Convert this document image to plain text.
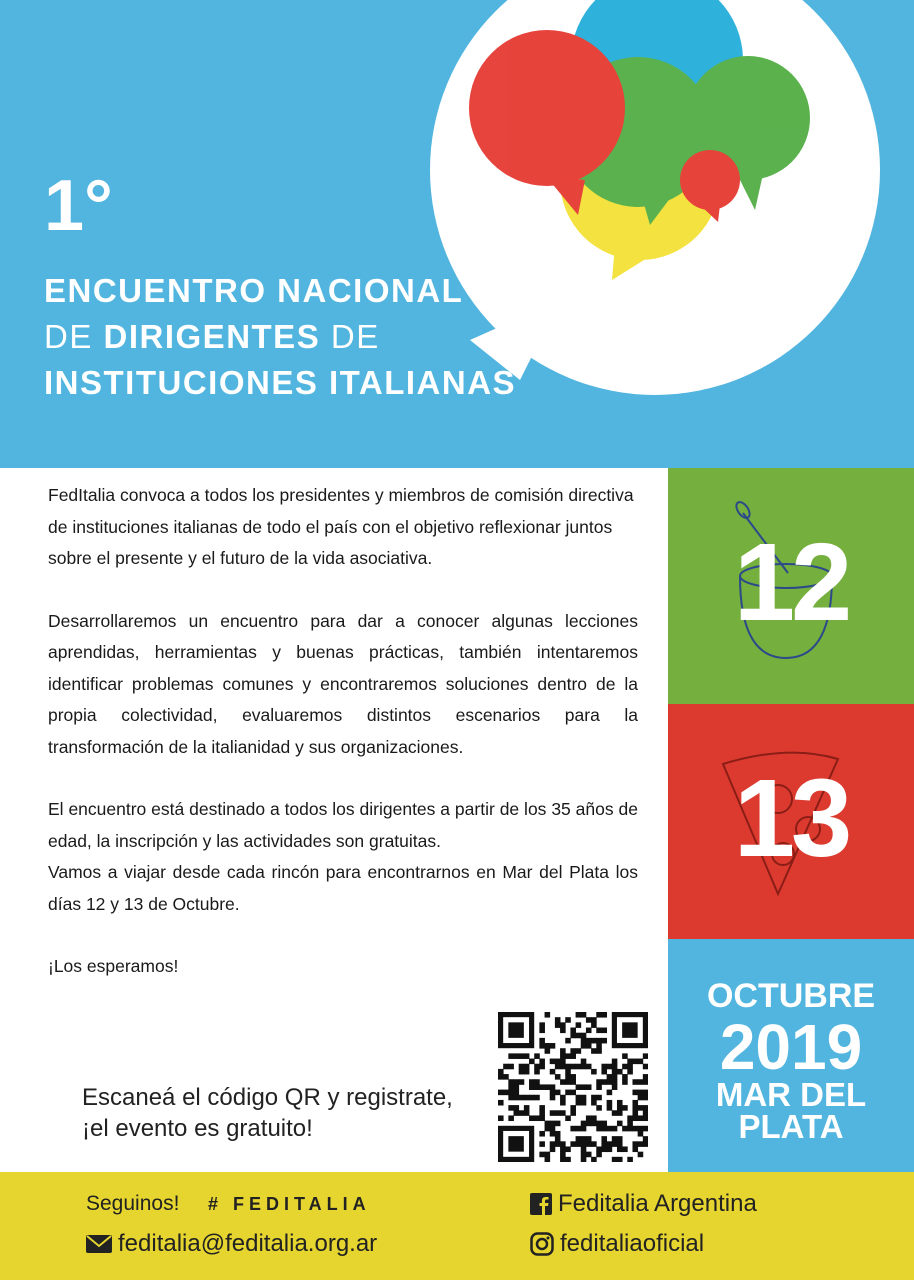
1°
ENCUENTRO NACIONAL
DE DIRIGENTES DE
INSTITUCIONES ITALIANAS

FedItalia convoca a todos los presidentes y miembros de comisión directiva de instituciones italianas de todo el país con el objetivo reflexionar juntos sobre el presente y el futuro de la vida asociativa.

Desarrollaremos un encuentro para dar a conocer algunas lecciones aprendidas, herramientas y buenas prácticas, también intentaremos identificar problemas comunes y encontraremos soluciones dentro de la propia colectividad, evaluaremos distintos escenarios para la transformación de la italianidad y sus organizaciones.

El encuentro está destinado a todos los dirigentes a partir de los 35 años de edad, la inscripción y las actividades son gratuitas.

Vamos a viajar desde cada rincón para encontrarnos en Mar del Plata los días 12 y 13 de Octubre.

¡Los esperamos!

Escaneá el código QR y registrate,
¡el evento es gratuito!
12
13
OCTUBRE
2019
MAR DEL
PLATA
Seguinos! # FEDITALIA
feditalia@feditalia.org.ar
Feditalia Argentina
feditaliaoficial
